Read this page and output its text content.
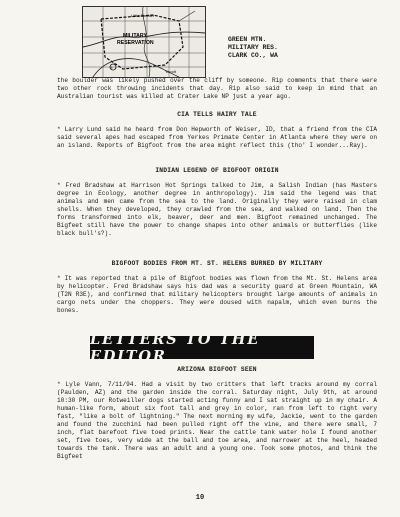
5
Yacolt
Little Boulder
MILITARY
RESERVATION	GREEN MTN.
MILITARY RES.
CLARK CO., WA
the boulder was likely pushed over the cliff by someone. Rip comments that there were two other rock throwing incidents that day. Rip also said to keep in mind that an Australian tourist was killed at Crater Lake NP just a year ago.
CIA TELLS HAIRY TALE
* Larry Lund said he heard from Don Hepworth of Weiser, ID, that a friend from the CIA said several apes had escaped from Yerkes Primate Center in Atlanta where they were on an island. Reports of Bigfoot from the area might reflect this (tho' I wonder...Ray).
INDIAN LEGEND OF BIGFOOT ORIGIN
* Fred Bradshaw at Harrison Hot Springs talked to Jim, a Salish Indian (has Masters degree in Ecology, another degree in anthropology). Jim said the legend was that animals and men came from the sea to the land. Originally they were raised in clam shells. When they developed, they crawled from the sea, and walked on land. Then the forms transformed into elk, beaver, deer and men. Bigfoot remained unchanged. The Bigfeet still have the power to change shapes into other animals or butterflies (like black bull's?).
BIGFOOT BODIES FROM MT. ST. HELENS BURNED BY MILITARY
* It was reported that a pile of Bigfoot bodies was flown from the Mt. St. Helens area by helicopter. Fred Bradshaw says his dad was a security guard at Green Mountain, WA (T2N R3E), and confirmed that military helicopters brought large amounts of animals in cargo nets under the choppers. They were doused with napalm, which even burns the bones.
LETTERS TO THE EDITOR
ARIZONA BIGFOOT SEEN
* Lyle Vann, 7/11/94. Had a visit by two critters that left tracks around my corral (Paulden, AZ) and the garden inside the corral. Saturday night, July 9th, at around 10:30 PM, our Rotweiller dogs started acting funny and I sat straight up in my chair. A human-like form, about six foot tall and grey in color, ran from left to right very fast, "like a bolt of lightning." The next morning my wife, Jackie, went to the garden and found the zucchini had been pulled right off the vine, and there were small, 7 inch, flat barefoot five toed prints. Near the cattle tank water hole I found another set, five toes, very wide at the ball and toe area, and narrower at the heel, headed towards the tank. There was an adult and a young one. Took some photos, and think the Bigfeet
10
